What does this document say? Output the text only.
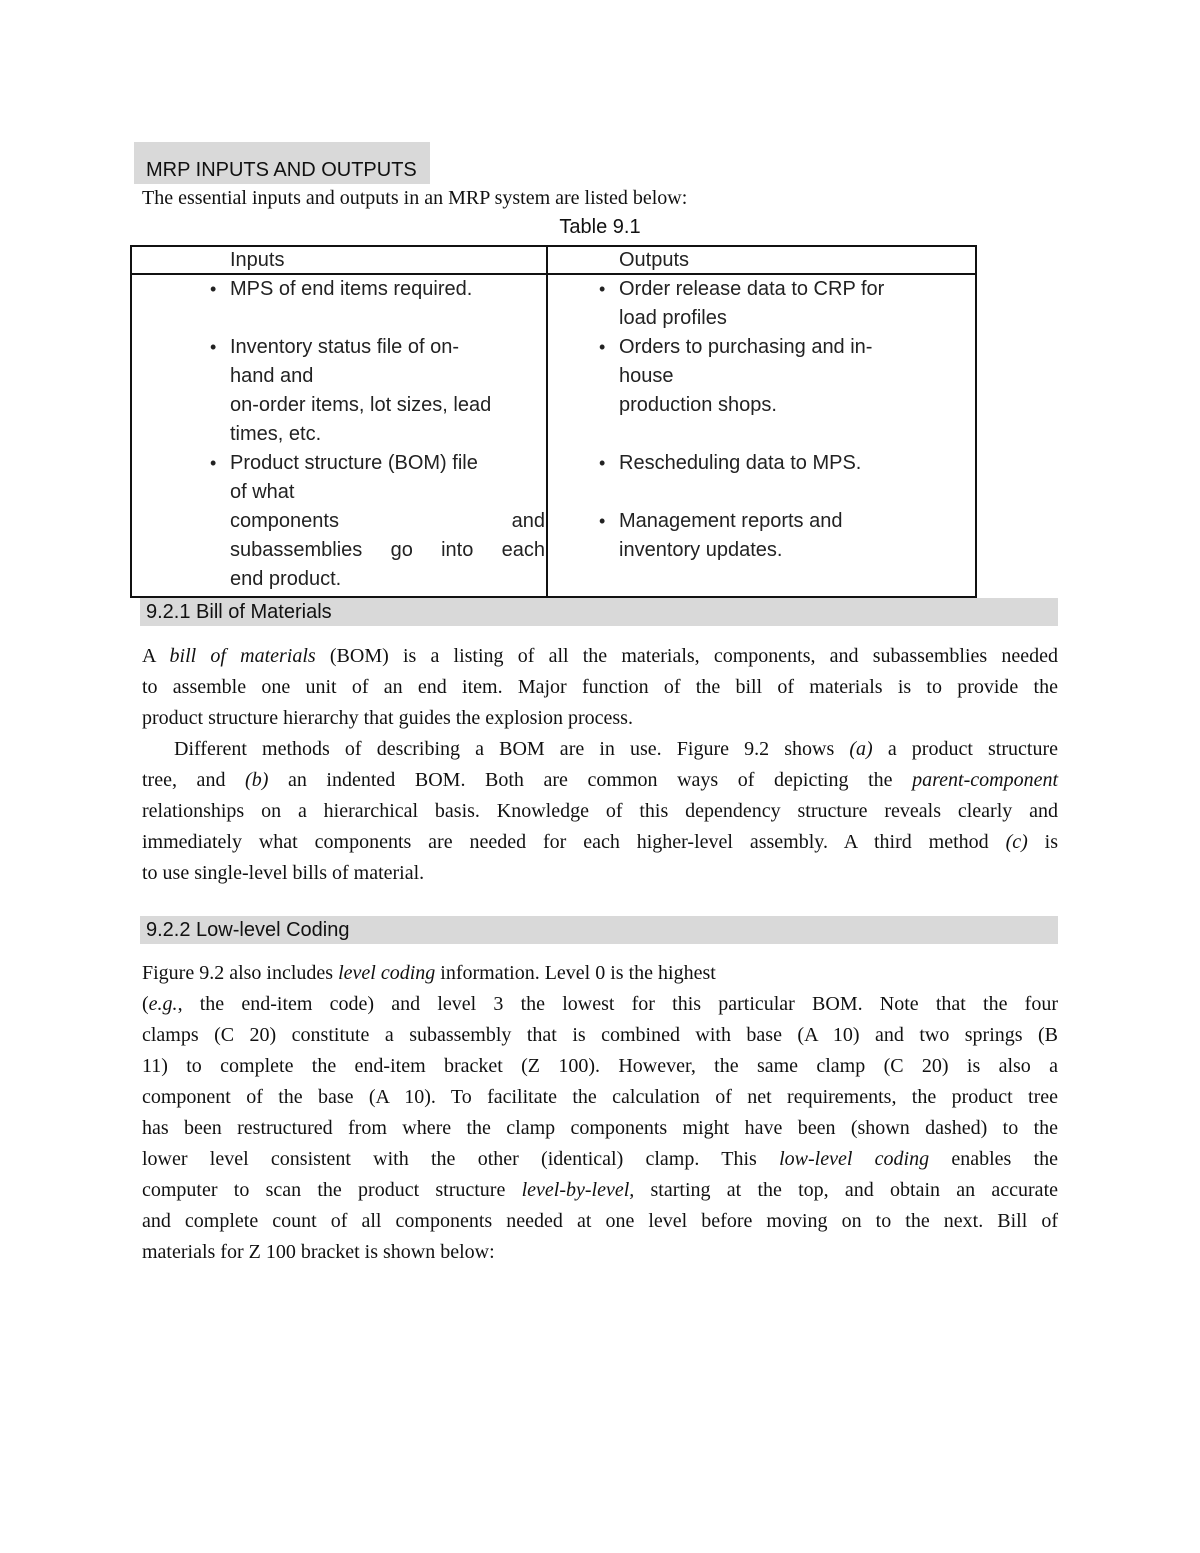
MRP INPUTS AND OUTPUTS
The essential inputs and outputs in an MRP system are listed below:
Table 9.1
Inputs	Outputs
• MPS of end items required.
• Inventory status file of on-
hand and
on-order items, lot sizes, lead
times, etc.
• Product structure (BOM) file
of what
components and
subassemblies go into each
end product.
• Order release data to CRP for
load profiles
• Orders to purchasing and in-
house
production shops.
• Rescheduling data to MPS.
• Management reports and
inventory updates.
9.2.1 Bill of Materials
A bill of materials (BOM) is a listing of all the materials, components, and subassemblies needed
to assemble one unit of an end item. Major function of the bill of materials is to provide the
product structure hierarchy that guides the explosion process.
Different methods of describing a BOM are in use. Figure 9.2 shows (a) a product structure
tree, and (b) an indented BOM. Both are common ways of depicting the parent-component
relationships on a hierarchical basis. Knowledge of this dependency structure reveals clearly and
immediately what components are needed for each higher-level assembly. A third method (c) is
to use single-level bills of material.
9.2.2 Low-level Coding
Figure 9.2 also includes level coding information. Level 0 is the highest
(e.g., the end-item code) and level 3 the lowest for this particular BOM. Note that the four
clamps (C 20) constitute a subassembly that is combined with base (A 10) and two springs (B
11) to complete the end-item bracket (Z 100). However, the same clamp (C 20) is also a
component of the base (A 10). To facilitate the calculation of net requirements, the product tree
has been restructured from where the clamp components might have been (shown dashed) to the
lower level consistent with the other (identical) clamp. This low-level coding enables the
computer to scan the product structure level-by-level, starting at the top, and obtain an accurate
and complete count of all components needed at one level before moving on to the next. Bill of
materials for Z 100 bracket is shown below:
